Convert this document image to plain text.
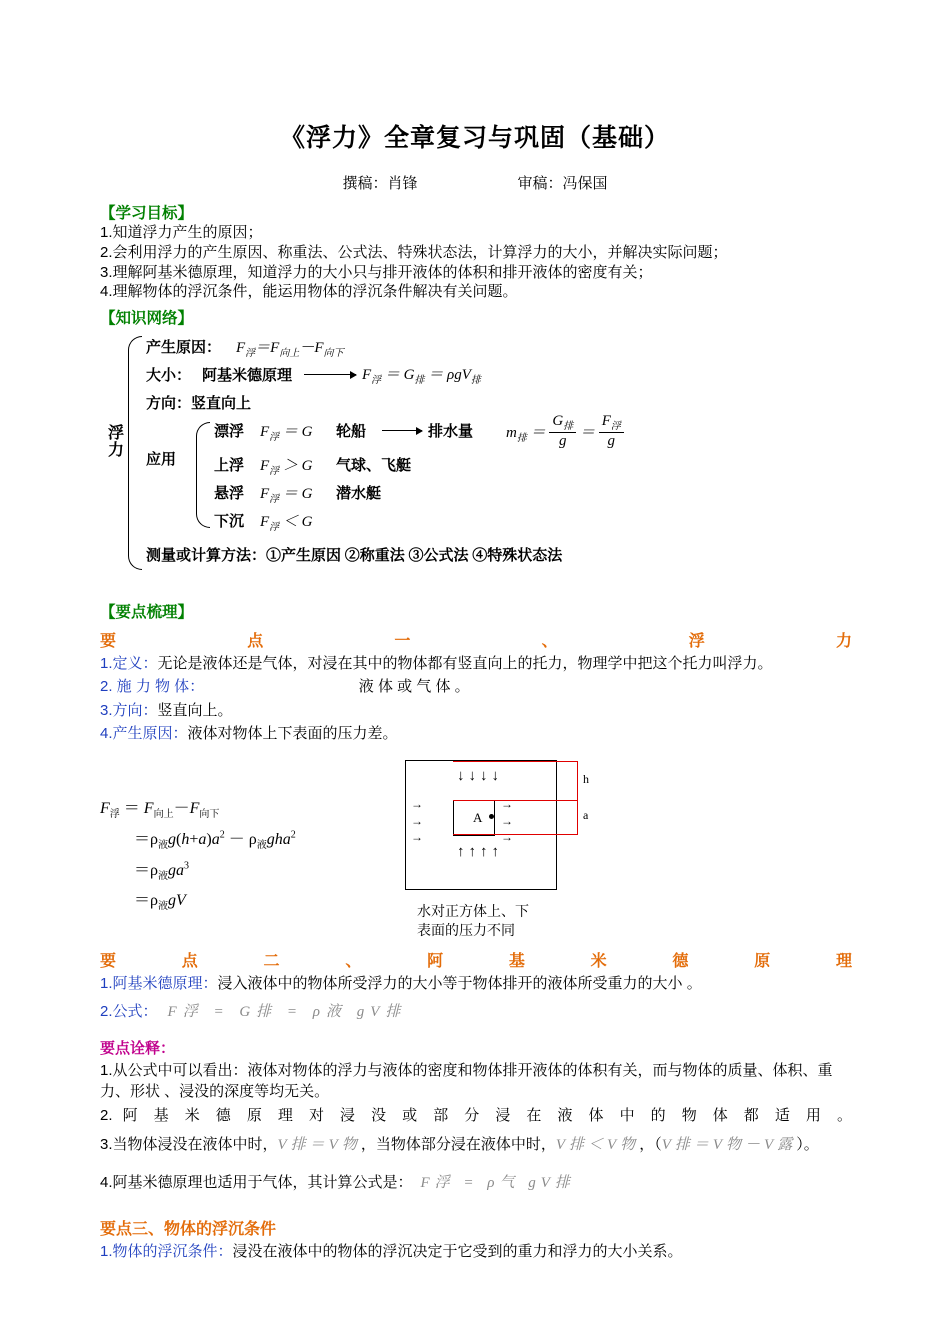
《浮力》全章复习与巩固（基础）
撰稿：肖锋	审稿：冯保国
【学习目标】
1.知道浮力产生的原因；
2.会利用浮力的产生原因、称重法、公式法、特殊状态法，计算浮力的大小，并解决实际问题；
3.理解阿基米德原理，知道浮力的大小只与排开液体的体积和排开液体的密度有关；
4.理解物体的浮沉条件，能运用物体的浮沉条件解决有关问题。
【知识网络】
浮
力
产生原因： $F_浮=F_{向上}-F_{向下}$
大小： 阿基米德原理	$F_浮 = G_排 = \rho gV_排$
方向：竖直向上
应用
漂浮 $F_浮 = G$ 轮船	排水量 $m_排 = \frac{G_排}{g} = \frac{F_浮}{g}$
上浮 $F_浮 > G$ 气球、飞艇
悬浮 $F_浮 = G$ 潜水艇
下沉 $F_浮 < G$
测量或计算方法：①产生原因 ②称重法 ③公式法 ④特殊状态法
【要点梳理】
要点一、浮力
1.定义：无论是液体还是气体，对浸在其中的物体都有竖直向上的托力，物理学中把这个托力叫浮力。
2. 施 力 物 体：	液 体 或 气 体 。
3.方向：竖直向上。
4.产生原因：液体对物体上下表面的压力差。
$F_浮 = F_{向上}-F_{向下}$
$=\rho_液g(h+a)a^2 - \rho_液gha^2$
$=\rho_液ga^3$
$=\rho_液gV$
A
↓↓↓↓
→
→
→
→
→
→
↑↑↑↑
h
a
水对正方体上、下
表面的压力不同
要点二、阿基米德原理
1.阿基米德原理：浸入液体中的物体所受浮力的大小等于物体排开的液体所受重力的大小 。
2.公式： F浮 = G排 = ρ液 gV排
要点诠释：
1.从公式中可以看出：液体对物体的浮力与液体的密度和物体排开液体的体积有关，而与物体的质量、体积、重力、形状 、浸没的深度等均无关。
2. 阿 基 米 德 原 理 对 浸 没 或 部 分 浸 在 液 体 中 的 物 体 都 适 用 。
3.当物体浸没在液体中时，V排＝V物，当物体部分浸在液体中时，V排＜V物，（V排＝V物－V露）。
4.阿基米德原理也适用于气体，其计算公式是： F浮 = ρ气 gV排
要点三、物体的浮沉条件
1.物体的浮沉条件：浸没在液体中的物体的浮沉决定于它受到的重力和浮力的大小关系。
